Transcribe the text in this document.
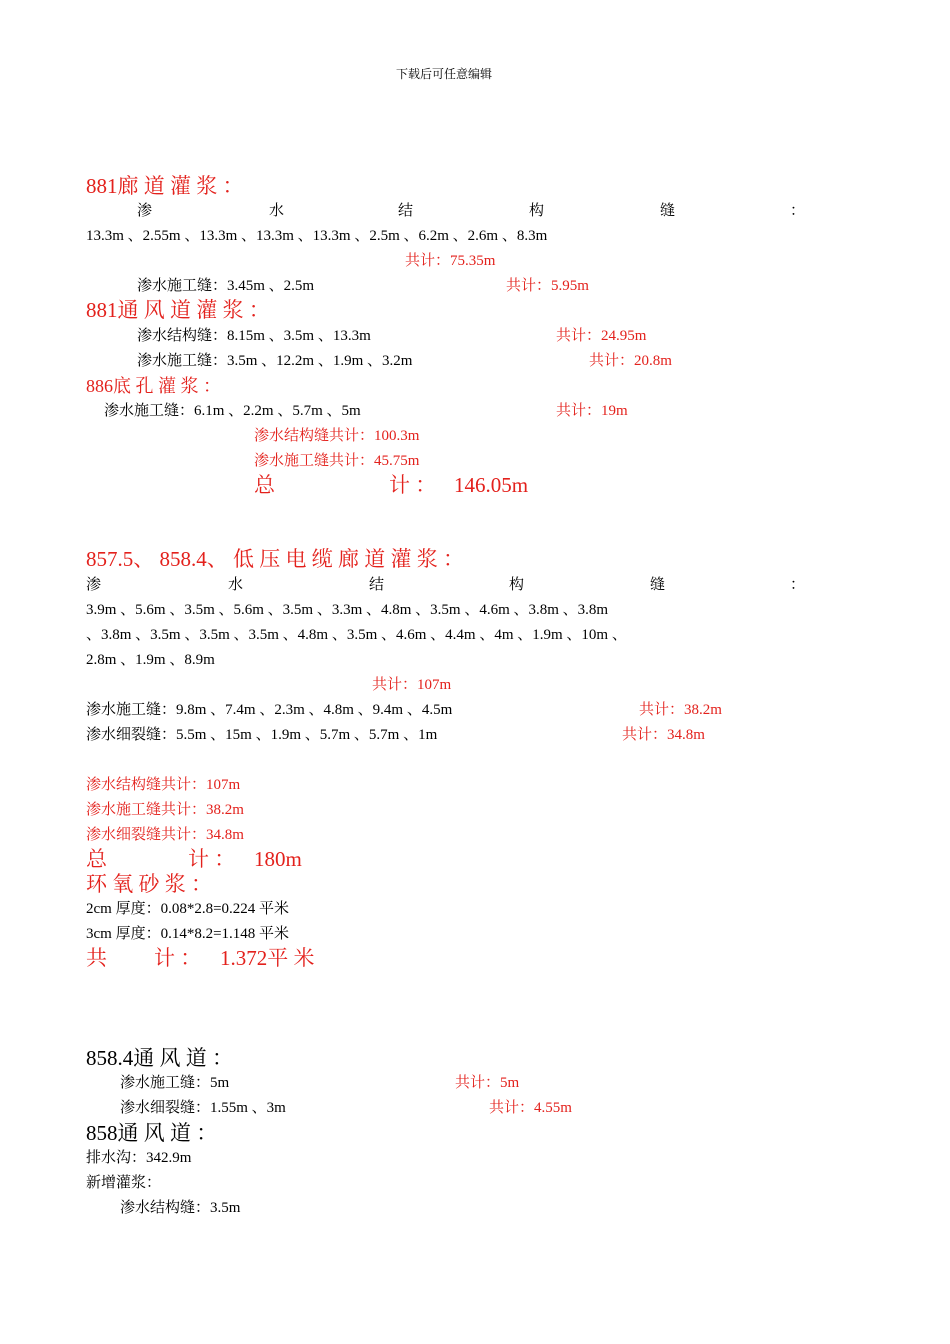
下载后可任意编辑
881廊 道 灌 浆 ：
渗	水	结	构	缝	：
13.3m 、2.55m 、13.3m 、13.3m 、13.3m 、2.5m 、6.2m 、2.6m 、8.3m
共计：75.35m
渗水施工缝：3.45m 、2.5m	共计：5.95m
881通 风 道 灌 浆 ：
渗水结构缝：8.15m 、3.5m 、13.3m	共计：24.95m
渗水施工缝：3.5m 、12.2m 、1.9m 、3.2m	共计：20.8m
886底 孔 灌 浆 ：
渗水施工缝：6.1m 、2.2m 、5.7m 、5m	共计：19m
渗水结构缝共计：100.3m
渗水施工缝共计：45.75m
总	计 ： 146.05m
857.5、 858.4、 低 压 电 缆 廊 道 灌 浆 ：
渗	水	结	构	缝	：
3.9m 、5.6m 、3.5m 、5.6m 、3.5m 、3.3m 、4.8m 、3.5m 、4.6m 、3.8m 、3.8m
、3.8m 、3.5m 、3.5m 、3.5m 、4.8m 、3.5m 、4.6m 、4.4m 、4m 、1.9m 、10m 、
2.8m 、1.9m 、8.9m
共计：107m
渗水施工缝：9.8m 、7.4m 、2.3m 、4.8m 、9.4m 、4.5m	共计：38.2m
渗水细裂缝：5.5m 、15m 、1.9m 、5.7m 、5.7m 、1m	共计：34.8m
渗水结构缝共计：107m
渗水施工缝共计：38.2m
渗水细裂缝共计：34.8m
总	计 ： 180m
环 氧 砂 浆 ：
2cm 厚度：0.08*2.8=0.224 平米
3cm 厚度：0.14*8.2=1.148 平米
共 计 ： 1.372平 米
858.4通 风 道 ：
渗水施工缝：5m	共计：5m
渗水细裂缝：1.55m 、3m	共计：4.55m
858通 风 道 ：
排水沟：342.9m
新增灌浆：
渗水结构缝：3.5m
